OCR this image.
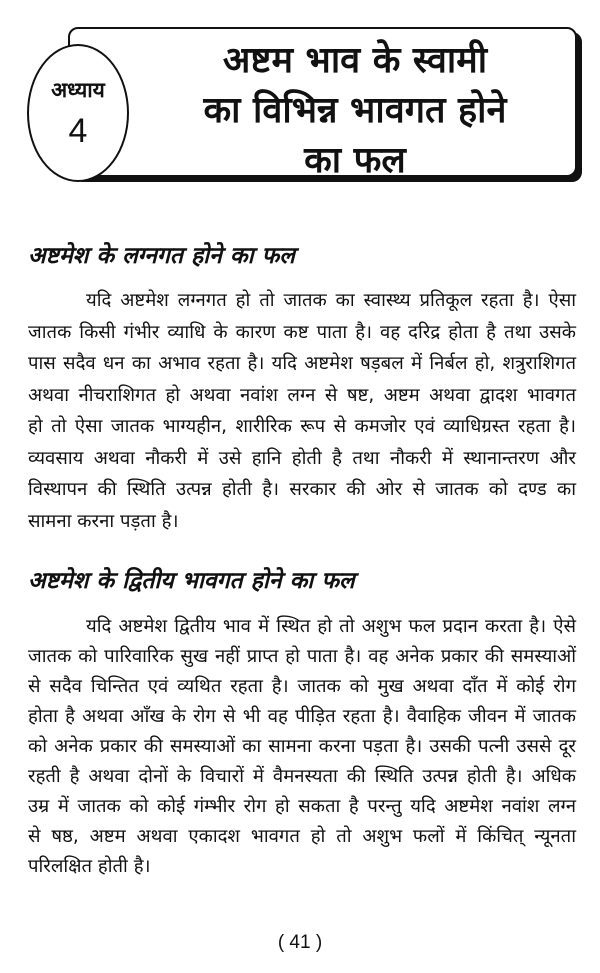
अध्याय
4
अष्टम भाव के स्वामी
का विभिन्न भावगत होने
का फल
अष्टमेश के लग्नगत होने का फल
यदि अष्टमेश लग्नगत हो तो जातक का स्वास्थ्य प्रतिकूल रहता है। ऐसा
जातक किसी गंभीर व्याधि के कारण कष्ट पाता है। वह दरिद्र होता है तथा उसके
पास सदैव धन का अभाव रहता है। यदि अष्टमेश षड़बल में निर्बल हो, शत्रुराशिगत
अथवा नीचराशिगत हो अथवा नवांश लग्न से षष्ट, अष्टम अथवा द्वादश भावगत
हो तो ऐसा जातक भाग्यहीन, शारीरिक रूप से कमजोर एवं व्याधिग्रस्त रहता है।
व्यवसाय अथवा नौकरी में उसे हानि होती है तथा नौकरी में स्थानान्तरण और
विस्थापन की स्थिति उत्पन्न होती है। सरकार की ओर से जातक को दण्ड का
सामना करना पड़ता है।
अष्टमेश के द्वितीय भावगत होने का फल
यदि अष्टमेश द्वितीय भाव में स्थित हो तो अशुभ फल प्रदान करता है। ऐसे
जातक को पारिवारिक सुख नहीं प्राप्त हो पाता है। वह अनेक प्रकार की समस्याओं
से सदैव चिन्तित एवं व्यथित रहता है। जातक को मुख अथवा दाँत में कोई रोग
होता है अथवा आँख के रोग से भी वह पीड़ित रहता है। वैवाहिक जीवन में जातक
को अनेक प्रकार की समस्याओं का सामना करना पड़ता है। उसकी पत्नी उससे दूर
रहती है अथवा दोनों के विचारों में वैमनस्यता की स्थिति उत्पन्न होती है। अधिक
उम्र में जातक को कोई गंम्भीर रोग हो सकता है परन्तु यदि अष्टमेश नवांश लग्न
से षष्ठ, अष्टम अथवा एकादश भावगत हो तो अशुभ फलों में किंचित् न्यूनता
परिलक्षित होती है।
( 41 )
